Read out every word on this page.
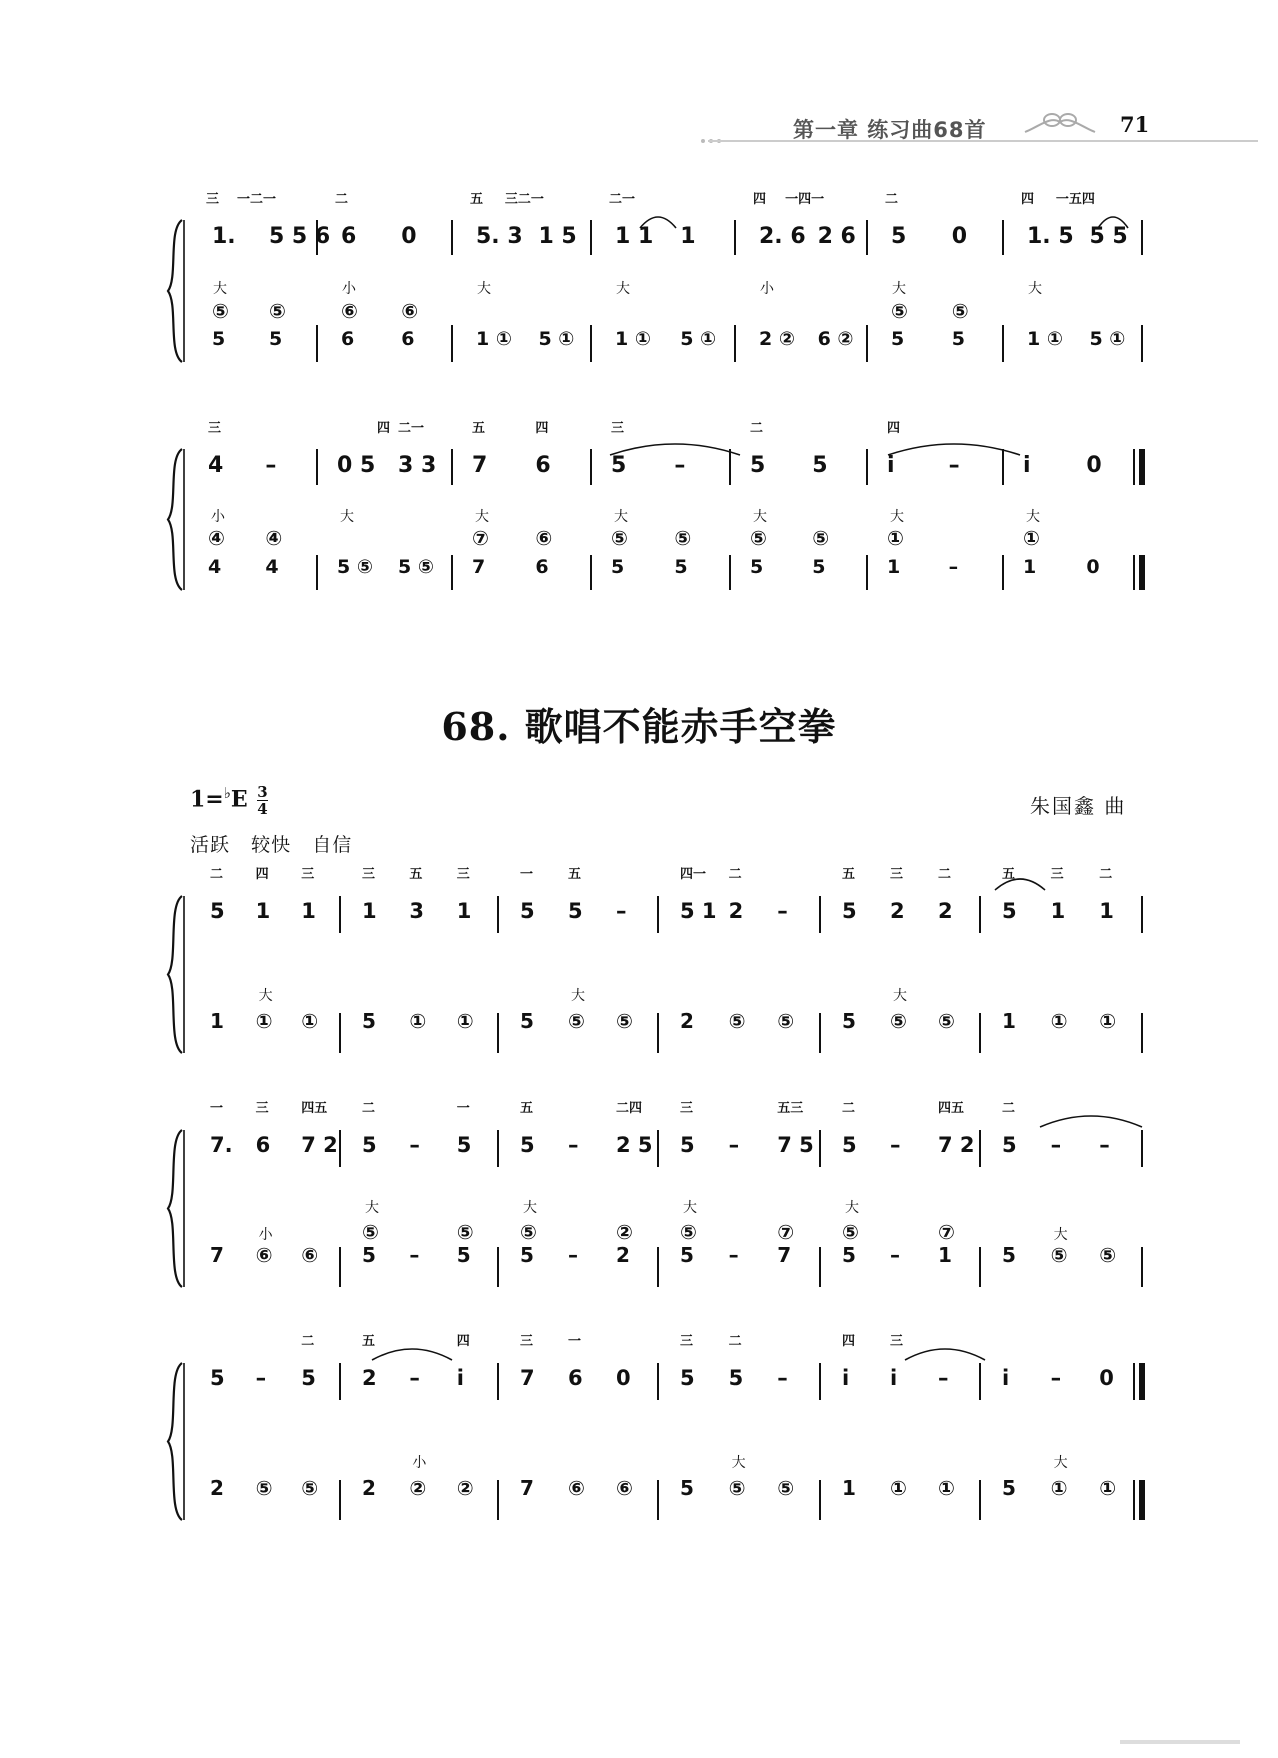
第一章 练习曲68首	71
68. 歌唱不能赤手空拳
$1=^♭E \frac{3}{4}$	朱国鑫 曲
活跃   较快   自信
1. 5 5 6
5 5
⑤ ⑤
大
6 0
6 6
⑥ ⑥
小
5. 3 1 5
1 ① 5 ①
大
1 1 1
1 ① 5 ①
大
2. 6 2 6
2 ② 6 ②
小
5 0
5	5
⑤ ⑤
大
1. 5 5 5
1 ① 5 ①
大
三 一二一	二	五 三二一	二一	四 一四一	二	四 一五四
4 –
4 4
④ ④
小
三
0 5 3 3
5 ⑤ 5 ⑤
大
四 二一
7 6
7	6
⑦ ⑥
大
五	四
5 –
5	5
⑤ ⑤
大
三
5 5
5	5
⑤ ⑤
大
二
i –
1	–
①
大
四
i	0
1	0
①
大
5
1
二
1
①
四
大
1
①
三
1
5
三
3
①
五
1
①
三
5
5
一
5
⑤
五
大
–
⑤
5 1
2
四一
2
⑤
二
–
⑤
5
5
五
2
⑤
三
大
2
⑤
二
5
1
五
1
①
三
1
①
二
7.
7
一
6
⑥
三
小
7 2
⑥
四五
5
5
二
⑤
大
–
–
5
5
一
⑤
5
5
五
⑤
大
–
–
2 5
2
二四
②
5
5
三
⑤
大
–
–
7 5
7
五三
⑦
5
5
二
⑤
大
–
–
7 2
1
四五
⑦
5
5
二
–
⑤
大
–
⑤
5
2
–
⑤
5
⑤
二
2
2
五
–
②
小
i
②
四
7
7
三
6
⑥
一
0
⑥
5
5
三
5
⑤
二
大
–
⑤
i
1
四
i
①
三
–
①
i
5
–
①
大
0
①
